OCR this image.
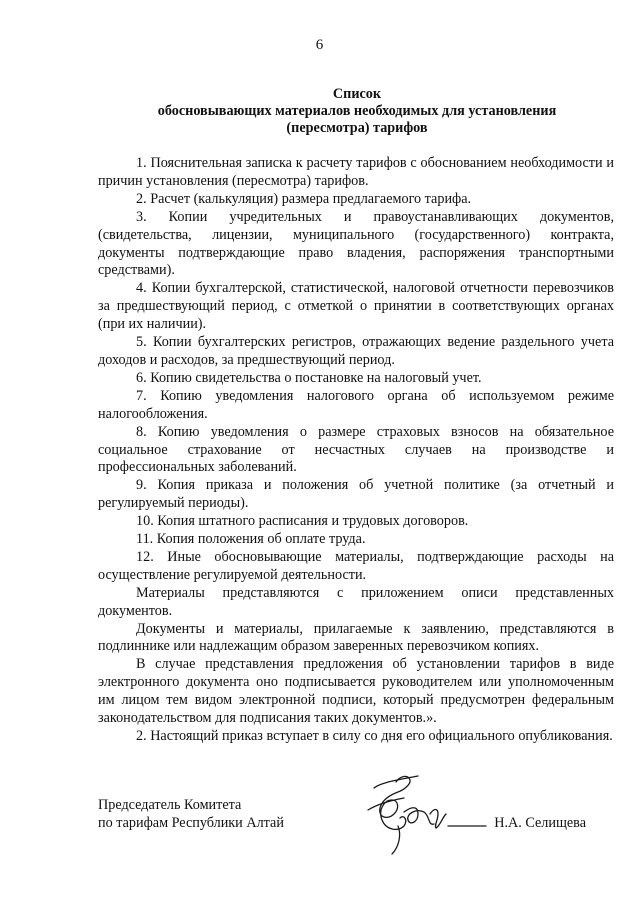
6
Список
обосновывающих материалов необходимых для установления
(пересмотра) тарифов

1. Пояснительная записка к расчету тарифов с обоснованием необходимости и причин установления (пересмотра) тарифов.

2. Расчет (калькуляция) размера предлагаемого тарифа.

3. Копии учредительных и правоустанавливающих документов, (свидетельства, лицензии, муниципального (государственного) контракта, документы подтверждающие право владения, распоряжения транспортными средствами).

4. Копии бухгалтерской, статистической, налоговой отчетности перевозчиков за предшествующий период, с отметкой о принятии в соответствующих органах (при их наличии).

5. Копии бухгалтерских регистров, отражающих ведение раздельного учета доходов и расходов, за предшествующий период.

6. Копию свидетельства о постановке на налоговый учет.

7. Копию уведомления налогового органа об используемом режиме налогообложения.

8. Копию уведомления о размере страховых взносов на обязательное социальное страхование от несчастных случаев на производстве и профессиональных заболеваний.

9. Копия приказа и положения об учетной политике (за отчетный и регулируемый периоды).

10. Копия штатного расписания и трудовых договоров.

11. Копия положения об оплате труда.

12. Иные обосновывающие материалы, подтверждающие расходы на осуществление регулируемой деятельности.

Материалы представляются с приложением описи представленных документов.

Документы и материалы, прилагаемые к заявлению, представляются в подлиннике или надлежащим образом заверенных перевозчиком копиях.

В случае представления предложения об установлении тарифов в виде электронного документа оно подписывается руководителем или уполномоченным им лицом тем видом электронной подписи, который предусмотрен федеральным законодательством для подписания таких документов.».

2. Настоящий приказ вступает в силу со дня его официального опубликования.

Председатель Комитета
по тарифам Республики Алтай	Н.А. Селищева
